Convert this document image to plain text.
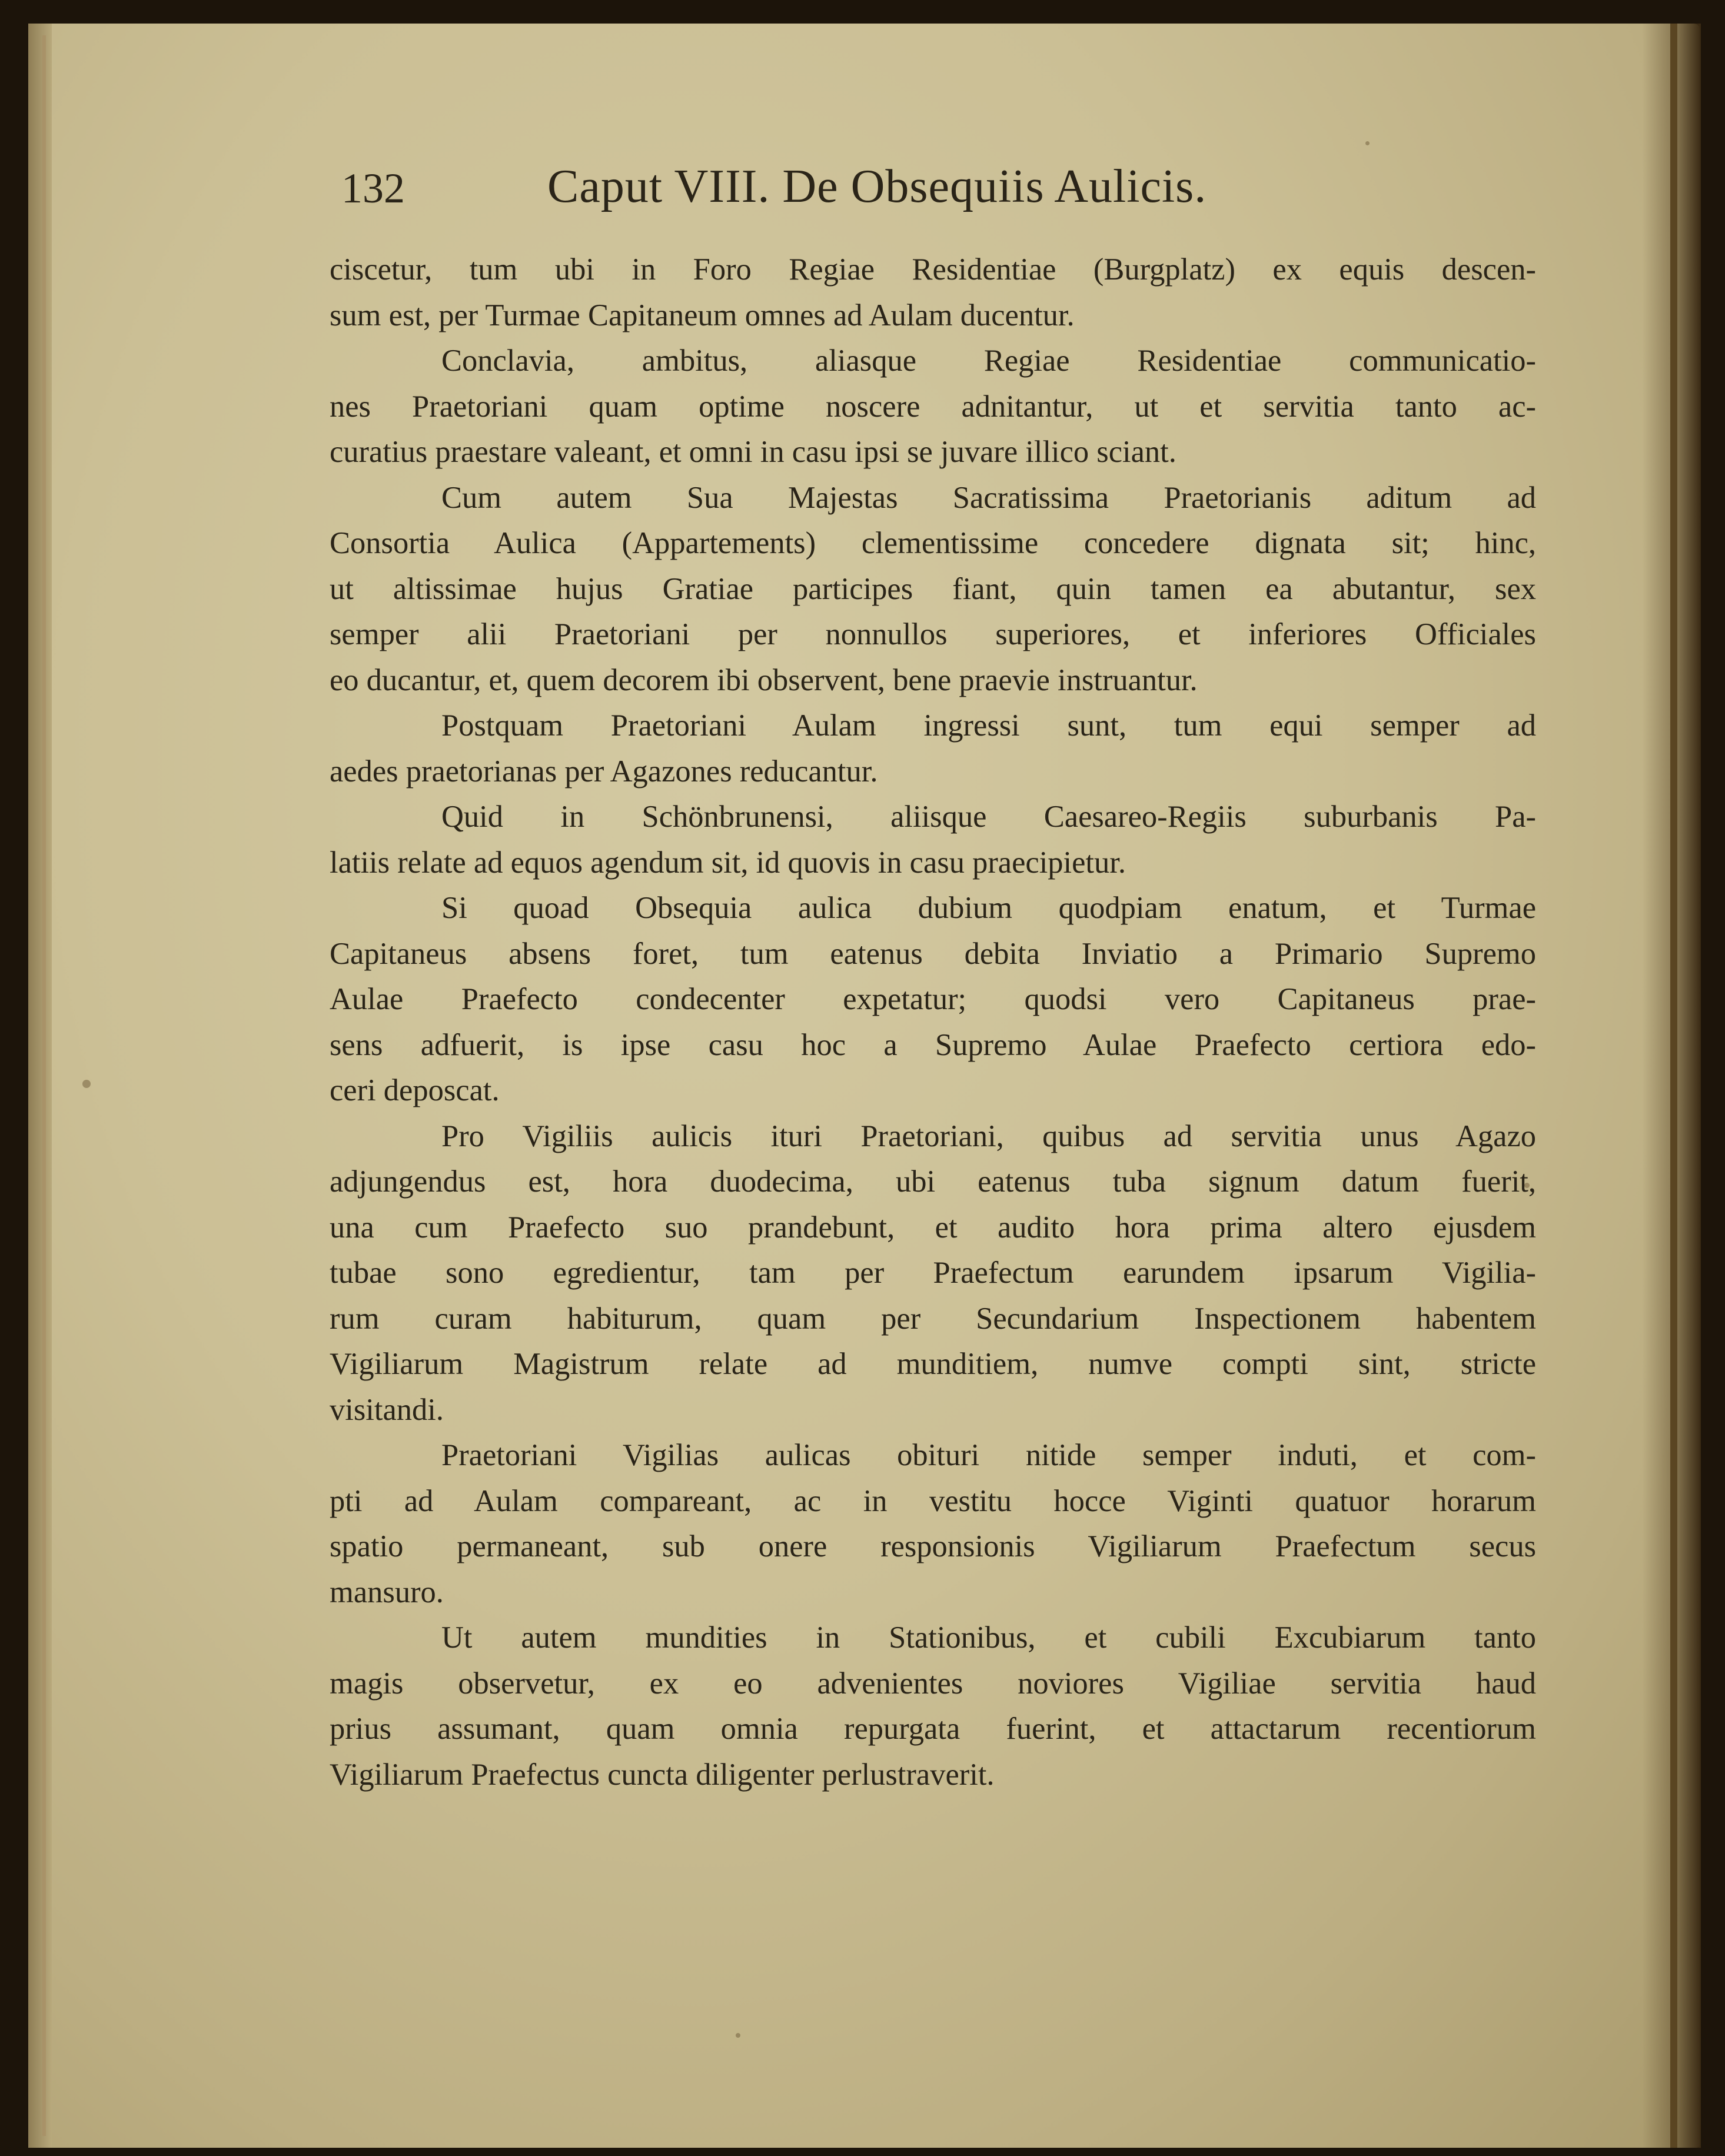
132	Caput VIII. De Obsequiis Aulicis.
ciscetur, tum ubi in Foro Regiae Residentiae (Burgplatz) ex equis descen-
sum est, per Turmae Capitaneum omnes ad Aulam ducentur.
Conclavia, ambitus, aliasque Regiae Residentiae communicatio-
nes Praetoriani quam optime noscere adnitantur, ut et servitia tanto ac-
curatius praestare valeant, et omni in casu ipsi se juvare illico sciant.
Cum autem Sua Majestas Sacratissima Praetorianis aditum ad
Consortia Aulica (Appartements) clementissime concedere dignata sit; hinc,
ut altissimae hujus Gratiae participes fiant, quin tamen ea abutantur, sex
semper alii Praetoriani per nonnullos superiores, et inferiores Officiales
eo ducantur, et, quem decorem ibi observent, bene praevie instruantur.
Postquam Praetoriani Aulam ingressi sunt, tum equi semper ad
aedes praetorianas per Agazones reducantur.
Quid in Schönbrunensi, aliisque Caesareo-Regiis suburbanis Pa-
latiis relate ad equos agendum sit, id quovis in casu praecipietur.
Si quoad Obsequia aulica dubium quodpiam enatum, et Turmae
Capitaneus absens foret, tum eatenus debita Inviatio a Primario Supremo
Aulae Praefecto condecenter expetatur; quodsi vero Capitaneus prae-
sens adfuerit, is ipse casu hoc a Supremo Aulae Praefecto certiora edo-
ceri deposcat.
Pro Vigiliis aulicis ituri Praetoriani, quibus ad servitia unus Agazo
adjungendus est, hora duodecima, ubi eatenus tuba signum datum fuerit,
una cum Praefecto suo prandebunt, et audito hora prima altero ejusdem
tubae sono egredientur, tam per Praefectum earundem ipsarum Vigilia-
rum curam habiturum, quam per Secundarium Inspectionem habentem
Vigiliarum Magistrum relate ad munditiem, numve compti sint, stricte
visitandi.
Praetoriani Vigilias aulicas obituri nitide semper induti, et com-
pti ad Aulam compareant, ac in vestitu hocce Viginti quatuor horarum
spatio permaneant, sub onere responsionis Vigiliarum Praefectum secus
mansuro.
Ut autem mundities in Stationibus, et cubili Excubiarum tanto
magis observetur, ex eo advenientes noviores Vigiliae servitia haud
prius assumant, quam omnia repurgata fuerint, et attactarum recentiorum
Vigiliarum Praefectus cuncta diligenter perlustraverit.
